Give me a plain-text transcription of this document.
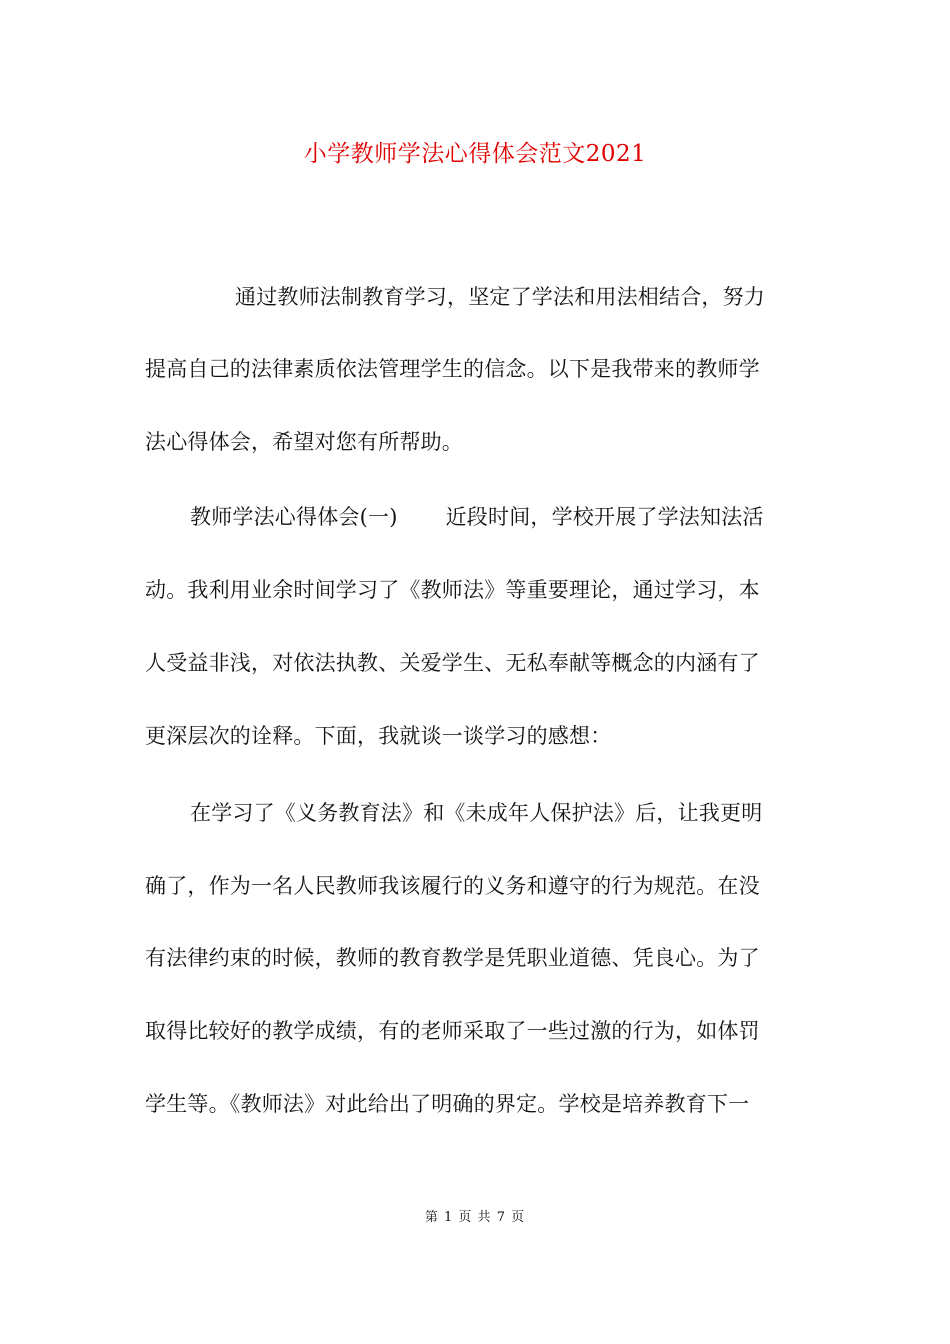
小学教师学法心得体会范文2021
通过教师法制教育学习，坚定了学法和用法相结合，努力
提高自己的法律素质依法管理学生的信念。以下是我带来的教师学
法心得体会，希望对您有所帮助。
教师学法心得体会(一) 近段时间，学校开展了学法知法活
动。我利用业余时间学习了《教师法》等重要理论，通过学习，本
人受益非浅，对依法执教、关爱学生、无私奉献等概念的内涵有了
更深层次的诠释。下面，我就谈一谈学习的感想：
在学习了《义务教育法》和《未成年人保护法》后，让我更明
确了，作为一名人民教师我该履行的义务和遵守的行为规范。在没
有法律约束的时候，教师的教育教学是凭职业道德、凭良心。为了
取得比较好的教学成绩，有的老师采取了一些过激的行为，如体罚
学生等。《教师法》对此给出了明确的界定。学校是培养教育下一
第 1 页 共 7 页
